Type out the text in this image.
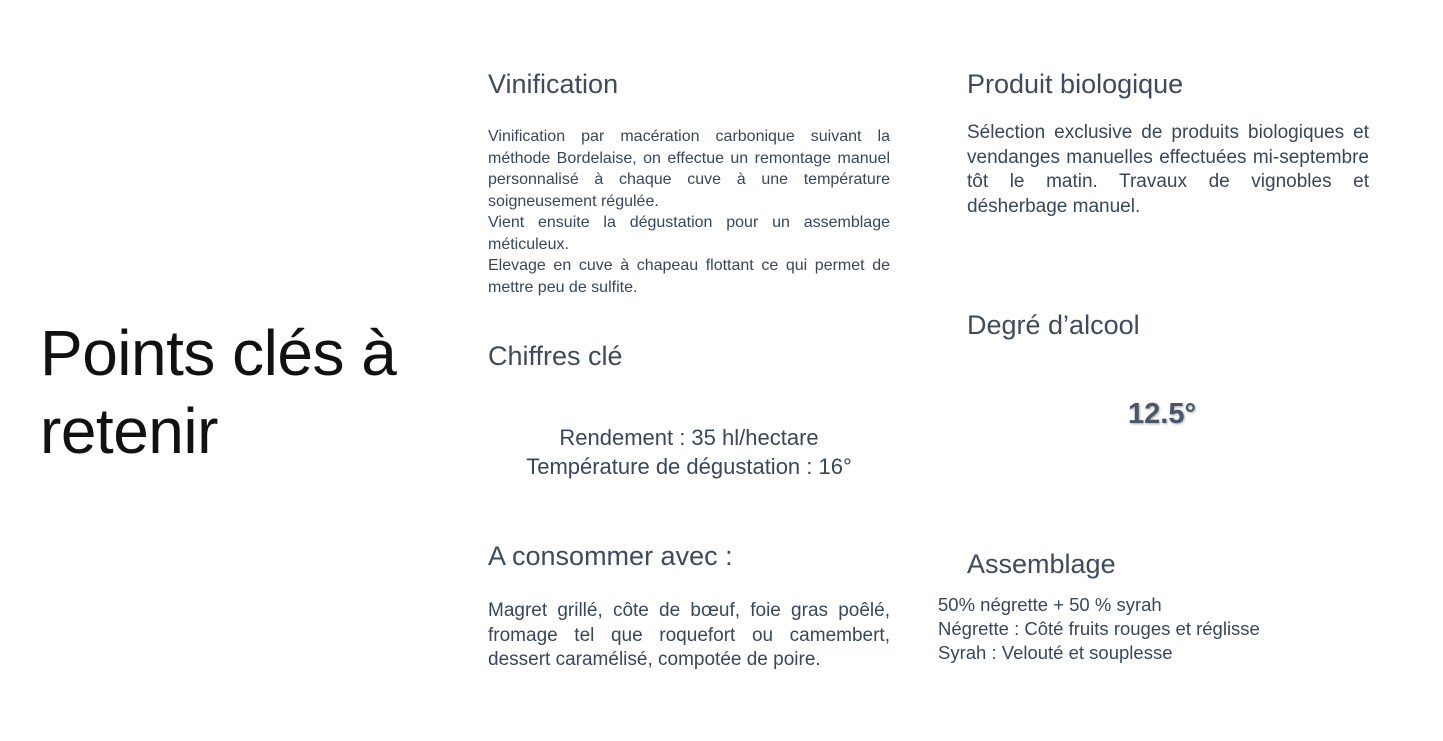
Points clés à retenir
Vinification

Vinification par macération carbonique suivant la méthode Bordelaise, on effectue un remontage manuel personnalisé à chaque cuve à une température soigneusement régulée.

Vient ensuite la dégustation pour un assemblage méticuleux.

Elevage en cuve à chapeau flottant ce qui permet de mettre peu de sulfite.

Produit biologique

Sélection exclusive de produits biologiques et vendanges manuelles effectuées mi-septembre tôt le matin. Travaux de vignobles et désherbage manuel.

Chiffres clé
Rendement : 35 hl/hectare
Température de dégustation : 16°
Degré d’alcool
12.5°
A consommer avec :

Magret grillé, côte de bœuf, foie gras poêlé, fromage tel que roquefort ou camembert, dessert caramélisé, compotée de poire.

Assemblage
50% négrette + 50 % syrah
Négrette : Côté fruits rouges et réglisse
Syrah : Velouté et souplesse
